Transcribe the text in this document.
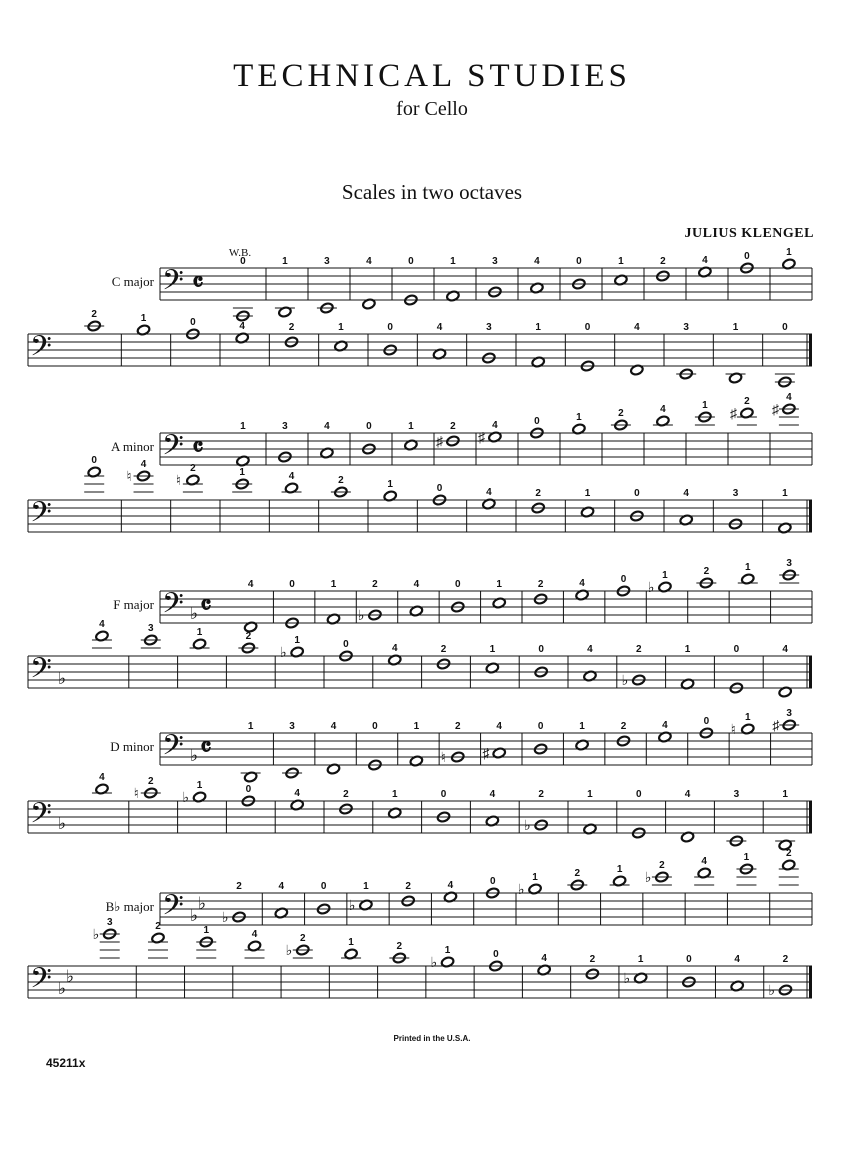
TECHNICAL STUDIES
for Cello
Scales in two octaves
JULIUS KLENGEL
C major 𝄢 𝄴
0	1	3	4	0	1	3	4	0	1	2	4	0	1
W.B.
𝄢
2	1	0	4	2	1	0	4	3	1	0	4	3	1	0
A minor 𝄢 𝄴
1	3	4	0	1
♯
2
♯
4	0	1	2	4	1
♯
2
♯
4
𝄢
0
♮
4
♮
2	1	4	2	1	0	4	2	1	0	4	3	1
F major 𝄢 ♭ 𝄴
4	0	1
♭
2	4	0	1	2	4	0
♭
1	2	1	3
𝄢 ♭
4	3	1	2
♭
1	0	4	2	1	0	4
♭
2	1	0	4
D minor 𝄢 ♭ 𝄴
1	3	4	0	1
♮
2
♯
4	0	1	2	4	0
♮
1
♯
3
𝄢 ♭
4
♮
2
♭
1	0	4	2	1	0	4
♭
2	1	0	4	3	1
B♭ major 𝄢 ♭
♭
♭
2	4	0
♭
1	2	4	0
♭
1	2	1
♭
2	4	1	2
𝄢 ♭
♭
♭
3	2	1	4
♭
2	1	2
♭
1	0	4	2
♭
1	0	4
♭
2
Printed in the U.S.A.
45211x
